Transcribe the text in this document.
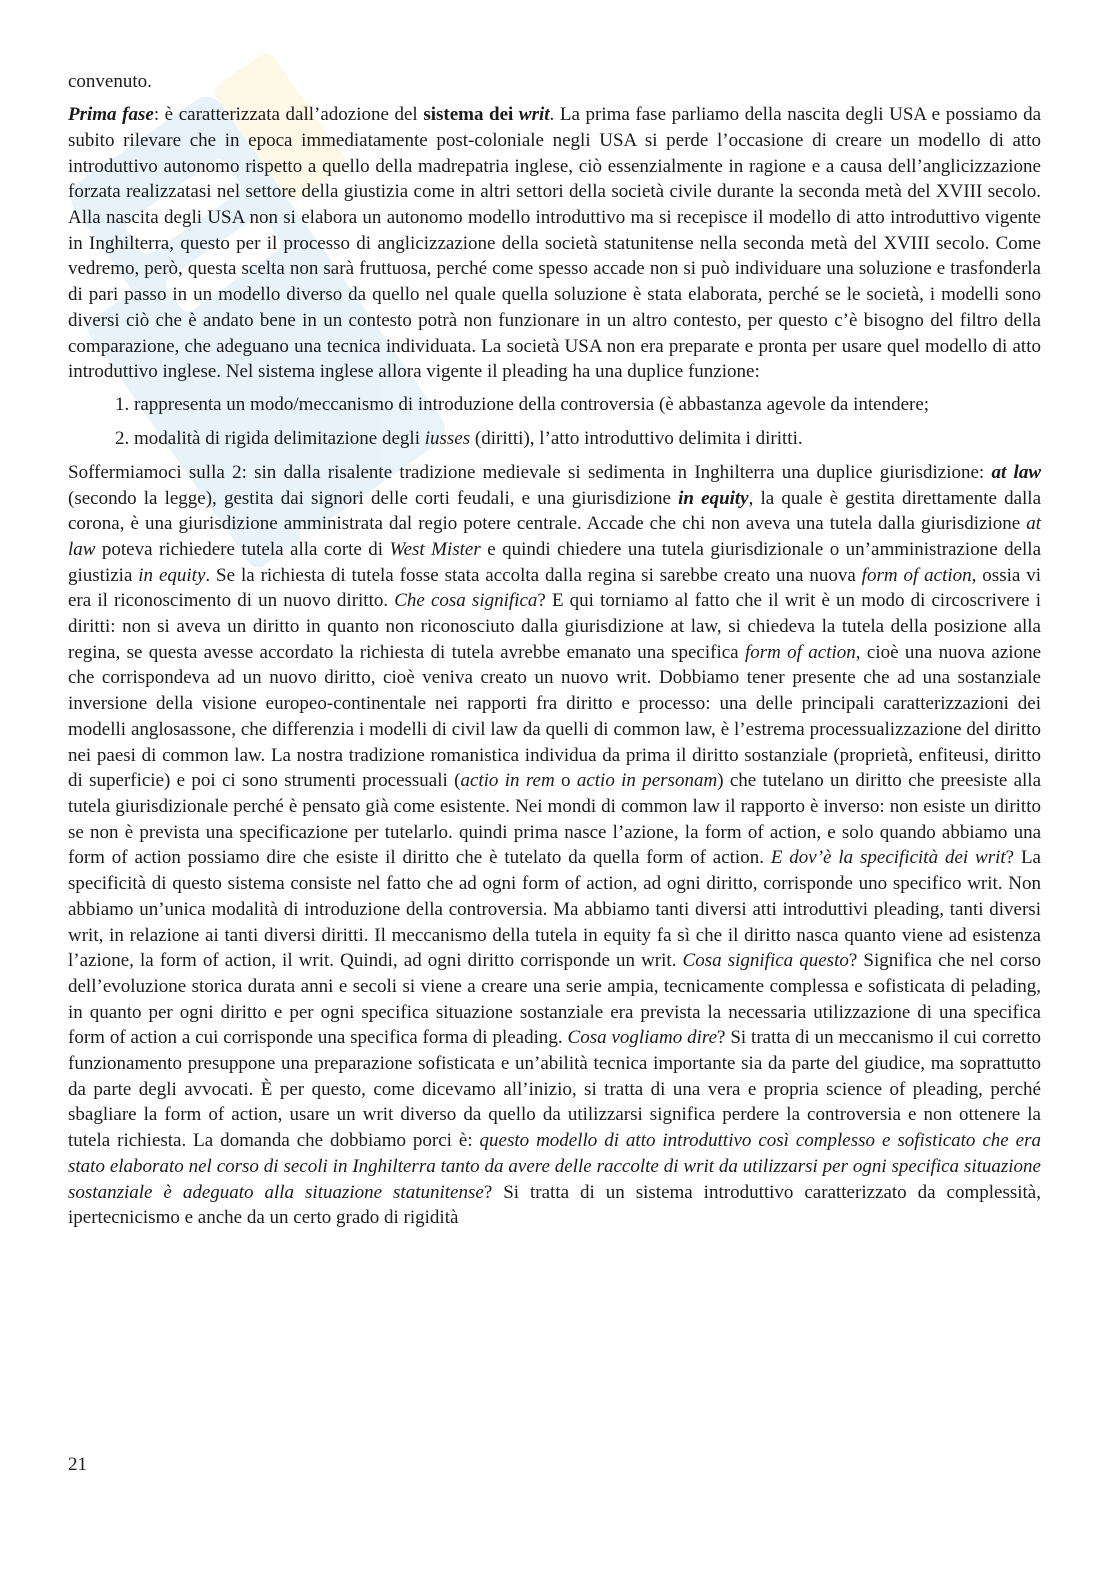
convenuto.

Prima fase: è caratterizzata dall’adozione del sistema dei writ. La prima fase parliamo della nascita degli USA e possiamo da subito rilevare che in epoca immediatamente post-coloniale negli USA si perde l’occasione di creare un modello di atto introduttivo autonomo rispetto a quello della madrepatria inglese, ciò essenzialmente in ragione e a causa dell’anglicizzazione forzata realizzatasi nel settore della giustizia come in altri settori della società civile durante la seconda metà del XVIII secolo. Alla nascita degli USA non si elabora un autonomo modello introduttivo ma si recepisce il modello di atto introduttivo vigente in Inghilterra, questo per il processo di anglicizzazione della società statunitense nella seconda metà del XVIII secolo. Come vedremo, però, questa scelta non sarà fruttuosa, perché come spesso accade non si può individuare una soluzione e trasfonderla di pari passo in un modello diverso da quello nel quale quella soluzione è stata elaborata, perché se le società, i modelli sono diversi ciò che è andato bene in un contesto potrà non funzionare in un altro contesto, per questo c’è bisogno del filtro della comparazione, che adeguano una tecnica individuata. La società USA non era preparate e pronta per usare quel modello di atto introduttivo inglese. Nel sistema inglese allora vigente il pleading ha una duplice funzione:

1. rappresenta un modo/meccanismo di introduzione della controversia (è abbastanza agevole da intendere;
2. modalità di rigida delimitazione degli iusses (diritti), l’atto introduttivo delimita i diritti.

Soffermiamoci sulla 2: sin dalla risalente tradizione medievale si sedimenta in Inghilterra una duplice giurisdizione: at law (secondo la legge), gestita dai signori delle corti feudali, e una giurisdizione in equity, la quale è gestita direttamente dalla corona, è una giurisdizione amministrata dal regio potere centrale. Accade che chi non aveva una tutela dalla giurisdizione at law poteva richiedere tutela alla corte di West Mister e quindi chiedere una tutela giurisdizionale o un’amministrazione della giustizia in equity. Se la richiesta di tutela fosse stata accolta dalla regina si sarebbe creato una nuova form of action, ossia vi era il riconoscimento di un nuovo diritto. Che cosa significa? E qui torniamo al fatto che il writ è un modo di circoscrivere i diritti: non si aveva un diritto in quanto non riconosciuto dalla giurisdizione at law, si chiedeva la tutela della posizione alla regina, se questa avesse accordato la richiesta di tutela avrebbe emanato una specifica form of action, cioè una nuova azione che corrispondeva ad un nuovo diritto, cioè veniva creato un nuovo writ. Dobbiamo tener presente che ad una sostanziale inversione della visione europeo-continentale nei rapporti fra diritto e processo: una delle principali caratterizzazioni dei modelli anglosassone, che differenzia i modelli di civil law da quelli di common law, è l’estrema processualizzazione del diritto nei paesi di common law. La nostra tradizione romanistica individua da prima il diritto sostanziale (proprietà, enfiteusi, diritto di superficie) e poi ci sono strumenti processuali (actio in rem o actio in personam) che tutelano un diritto che preesiste alla tutela giurisdizionale perché è pensato già come esistente. Nei mondi di common law il rapporto è inverso: non esiste un diritto se non è prevista una specificazione per tutelarlo. quindi prima nasce l’azione, la form of action, e solo quando abbiamo una form of action possiamo dire che esiste il diritto che è tutelato da quella form of action. E dov’è la specificità dei writ? La specificità di questo sistema consiste nel fatto che ad ogni form of action, ad ogni diritto, corrisponde uno specifico writ. Non abbiamo un’unica modalità di introduzione della controversia. Ma abbiamo tanti diversi atti introduttivi pleading, tanti diversi writ, in relazione ai tanti diversi diritti. Il meccanismo della tutela in equity fa sì che il diritto nasca quanto viene ad esistenza l’azione, la form of action, il writ. Quindi, ad ogni diritto corrisponde un writ. Cosa significa questo? Significa che nel corso dell’evoluzione storica durata anni e secoli si viene a creare una serie ampia, tecnicamente complessa e sofisticata di pelading, in quanto per ogni diritto e per ogni specifica situazione sostanziale era prevista la necessaria utilizzazione di una specifica form of action a cui corrisponde una specifica forma di pleading. Cosa vogliamo dire? Si tratta di un meccanismo il cui corretto funzionamento presuppone una preparazione sofisticata e un’abilità tecnica importante sia da parte del giudice, ma soprattutto da parte degli avvocati. È per questo, come dicevamo all’inizio, si tratta di una vera e propria science of pleading, perché sbagliare la form of action, usare un writ diverso da quello da utilizzarsi significa perdere la controversia e non ottenere la tutela richiesta. La domanda che dobbiamo porci è: questo modello di atto introduttivo così complesso e sofisticato che era stato elaborato nel corso di secoli in Inghilterra tanto da avere delle raccolte di writ da utilizzarsi per ogni specifica situazione sostanziale è adeguato alla situazione statunitense? Si tratta di un sistema introduttivo caratterizzato da complessità, ipertecnicismo e anche da un certo grado di rigidità

21
